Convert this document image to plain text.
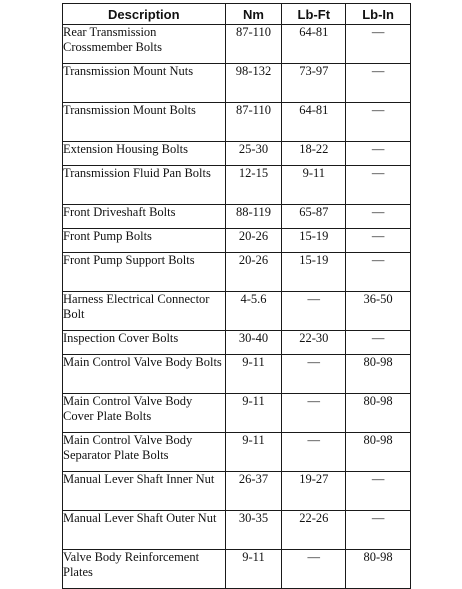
Description	Nm	Lb-Ft	Lb-In
Rear Transmission Crossmember Bolts	87-110	64-81	—
Transmission Mount Nuts	98-132	73-97	—
Transmission Mount Bolts	87-110	64-81	—
Extension Housing Bolts	25-30	18-22	—
Transmission Fluid Pan Bolts	12-15	9-11	—
Front Driveshaft Bolts	88-119	65-87	—
Front Pump Bolts	20-26	15-19	—
Front Pump Support Bolts	20-26	15-19	—
Harness Electrical Connector Bolt	4-5.6	—	36-50
Inspection Cover Bolts	30-40	22-30	—
Main Control Valve Body Bolts	9-11	—	80-98
Main Control Valve Body Cover Plate Bolts	9-11	—	80-98
Main Control Valve Body Separator Plate Bolts	9-11	—	80-98
Manual Lever Shaft Inner Nut	26-37	19-27	—
Manual Lever Shaft Outer Nut	30-35	22-26	—
Valve Body Reinforcement Plates	9-11	—	80-98
